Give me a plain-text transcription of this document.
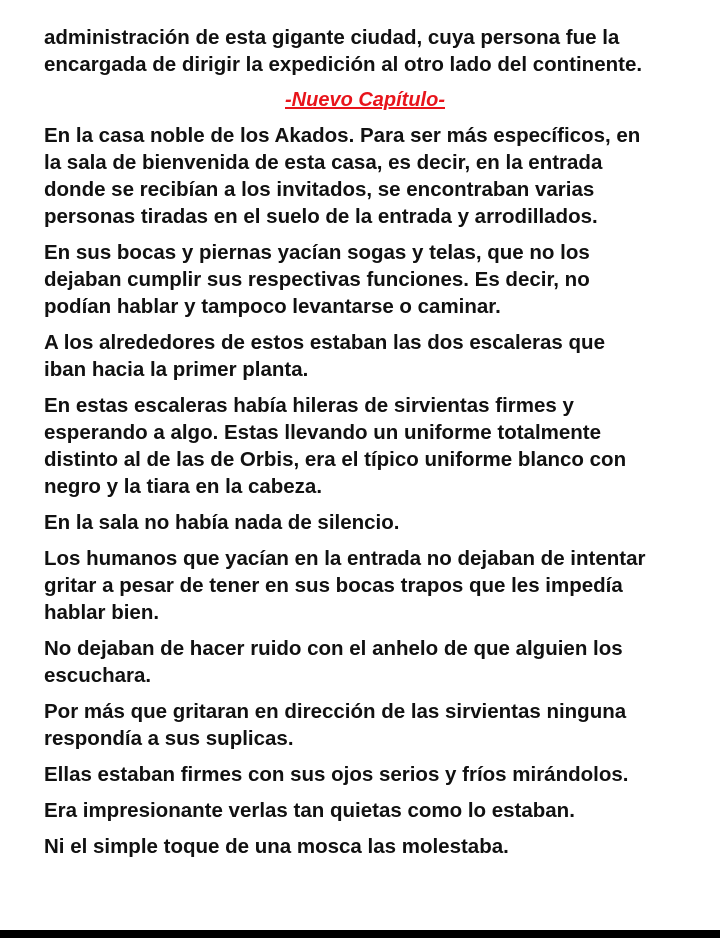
administración de esta gigante ciudad, cuya persona fue la
encargada de dirigir la expedición al otro lado del continente.

-Nuevo Capítulo-

En la casa noble de los Akados. Para ser más específicos, en
la sala de bienvenida de esta casa, es decir, en la entrada
donde se recibían a los invitados, se encontraban varias
personas tiradas en el suelo de la entrada y arrodillados.

En sus bocas y piernas yacían sogas y telas, que no los
dejaban cumplir sus respectivas funciones. Es decir, no
podían hablar y tampoco levantarse o caminar.

A los alrededores de estos estaban las dos escaleras que
iban hacia la primer planta.

En estas escaleras había hileras de sirvientas firmes y
esperando a algo. Estas llevando un uniforme totalmente
distinto al de las de Orbis, era el típico uniforme blanco con
negro y la tiara en la cabeza.

En la sala no había nada de silencio.

Los humanos que yacían en la entrada no dejaban de intentar
gritar a pesar de tener en sus bocas trapos que les impedía
hablar bien.

No dejaban de hacer ruido con el anhelo de que alguien los
escuchara.

Por más que gritaran en dirección de las sirvientas ninguna
respondía a sus suplicas.

Ellas estaban firmes con sus ojos serios y fríos mirándolos.

Era impresionante verlas tan quietas como lo estaban.

Ni el simple toque de una mosca las molestaba.
